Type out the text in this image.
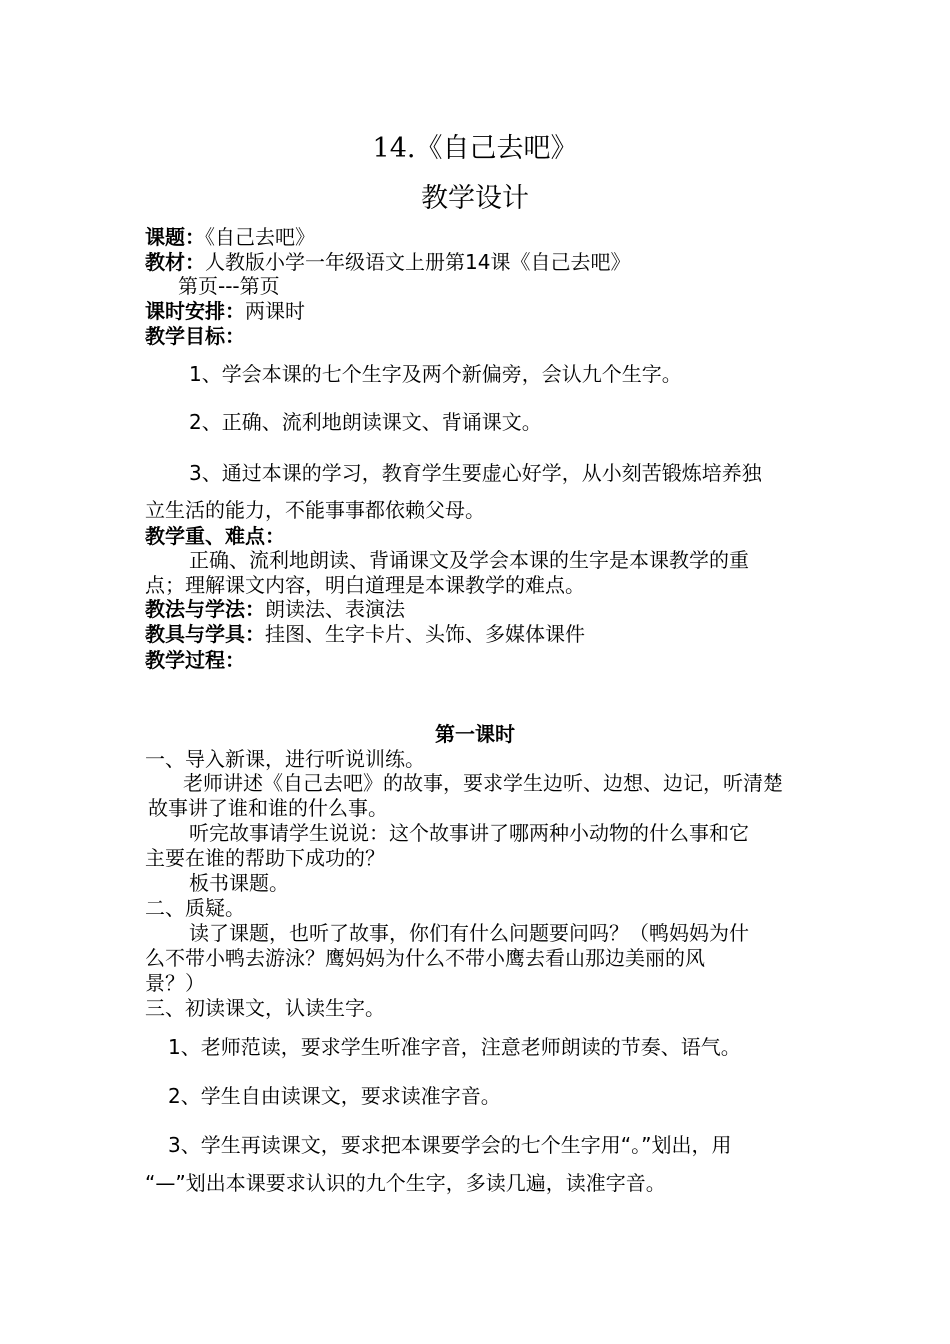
14.《自己去吧》
教学设计
课题：《自己去吧》
教材：人教版小学一年级语文上册第14课《自己去吧》
第页---第页
课时安排：两课时
教学目标：
1、学会本课的七个生字及两个新偏旁，会认九个生字。
2、正确、流利地朗读课文、背诵课文。
3、通过本课的学习，教育学生要虚心好学，从小刻苦锻炼培养独
立生活的能力，不能事事都依赖父母。
教学重、难点：
正确、流利地朗读、背诵课文及学会本课的生字是本课教学的重
点；理解课文内容，明白道理是本课教学的难点。
教法与学法：朗读法、表演法
教具与学具：挂图、生字卡片、头饰、多媒体课件
教学过程：
第一课时
一、导入新课，进行听说训练。
老师讲述《自己去吧》的故事，要求学生边听、边想、边记，听清楚
故事讲了谁和谁的什么事。
听完故事请学生说说：这个故事讲了哪两种小动物的什么事和它
主要在谁的帮助下成功的？
板书课题。
二、质疑。
读了课题，也听了故事，你们有什么问题要问吗？（鸭妈妈为什
么不带小鸭去游泳？鹰妈妈为什么不带小鹰去看山那边美丽的风
景？）
三、初读课文，认读生字。
1、老师范读，要求学生听准字音，注意老师朗读的节奏、语气。
2、学生自由读课文，要求读准字音。
3、学生再读课文，要求把本课要学会的七个生字用“。”划出，用
“—”划出本课要求认识的九个生字，多读几遍，读准字音。
